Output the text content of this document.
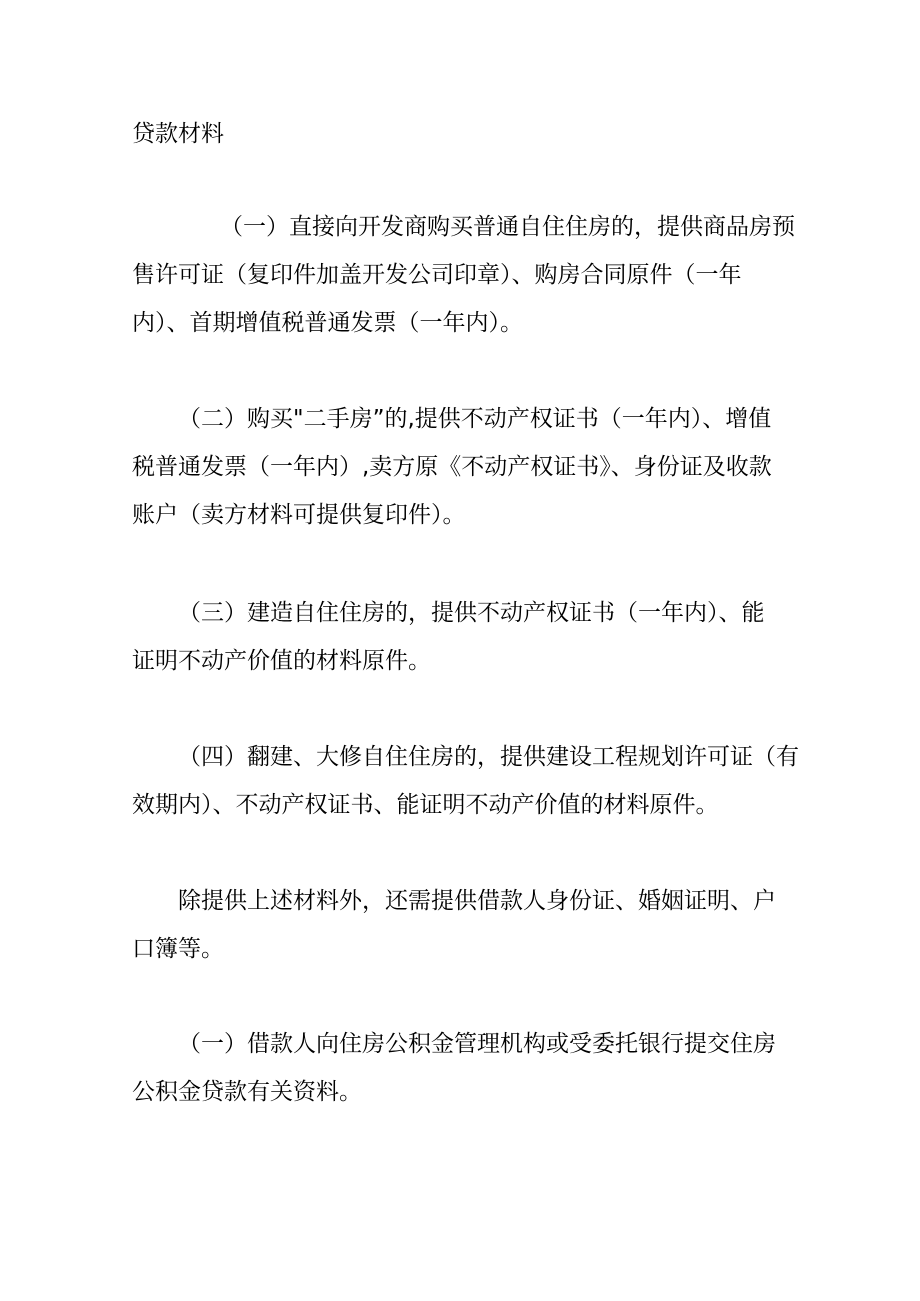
贷款材料
（一）直接向开发商购买普通自住住房的，提供商品房预
售许可证（复印件加盖开发公司印章）、购房合同原件（一年
内）、首期增值税普通发票（一年内）。
（二）购买"二手房”的,提供不动产权证书（一年内）、增值
税普通发票（一年内）,卖方原《不动产权证书》、身份证及收款
账户（卖方材料可提供复印件）。
（三）建造自住住房的，提供不动产权证书（一年内）、能
证明不动产价值的材料原件。
（四）翻建、大修自住住房的，提供建设工程规划许可证（有
效期内）、不动产权证书、能证明不动产价值的材料原件。
除提供上述材料外，还需提供借款人身份证、婚姻证明、户
口簿等。
（一）借款人向住房公积金管理机构或受委托银行提交住房
公积金贷款有关资料。
